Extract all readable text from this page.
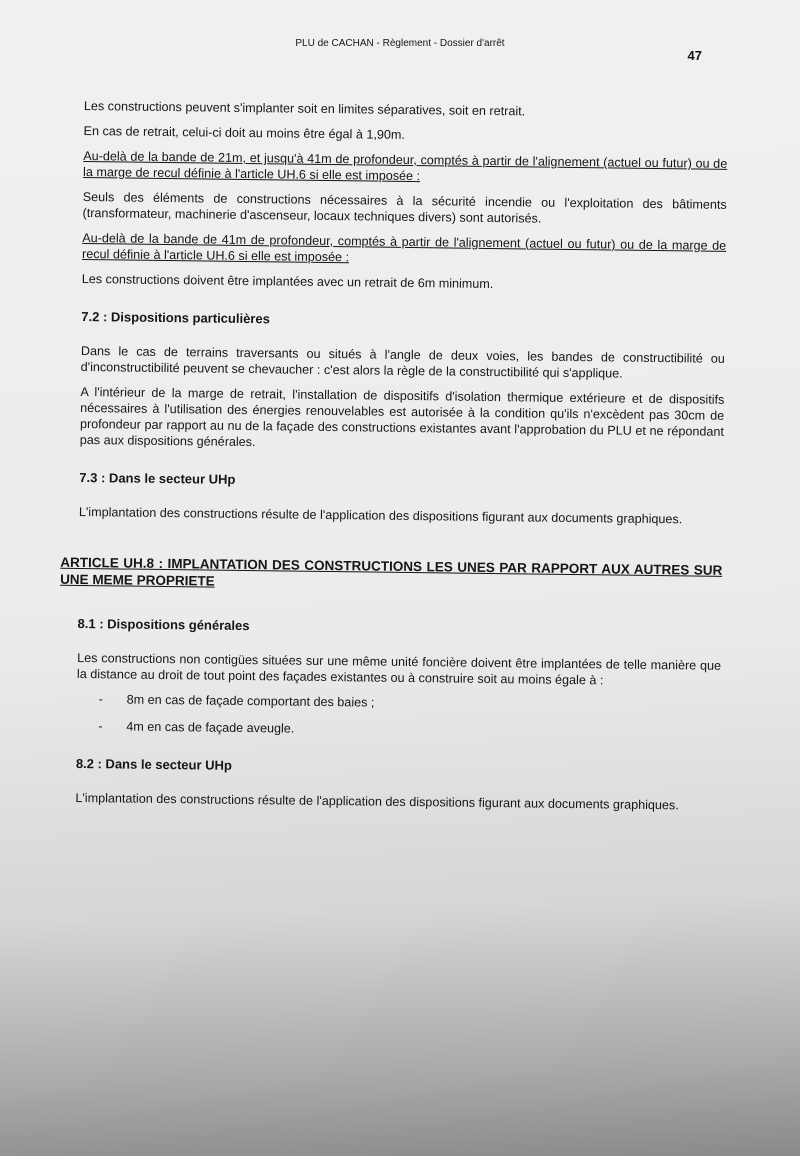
PLU de CACHAN - Règlement - Dossier d'arrêt
47

Les constructions peuvent s'implanter soit en limites séparatives, soit en retrait.

En cas de retrait, celui-ci doit au moins être égal à 1,90m.

Au-delà de la bande de 21m, et jusqu'à 41m de profondeur, comptés à partir de l'alignement (actuel ou futur) ou de la marge de recul définie à l'article UH.6 si elle est imposée :

Seuls des éléments de constructions nécessaires à la sécurité incendie ou l'exploitation des bâtiments (transformateur, machinerie d'ascenseur, locaux techniques divers) sont autorisés.

Au-delà de la bande de 41m de profondeur, comptés à partir de l'alignement (actuel ou futur) ou de la marge de recul définie à l'article UH.6 si elle est imposée :

Les constructions doivent être implantées avec un retrait de 6m minimum.

7.2 : Dispositions particulières

Dans le cas de terrains traversants ou situés à l'angle de deux voies, les bandes de constructibilité ou d'inconstructibilité peuvent se chevaucher : c'est alors la règle de la constructibilité qui s'applique.

A l'intérieur de la marge de retrait, l'installation de dispositifs d'isolation thermique extérieure et de dispositifs nécessaires à l'utilisation des énergies renouvelables est autorisée à la condition qu'ils n'excèdent pas 30cm de profondeur par rapport au nu de la façade des constructions existantes avant l'approbation du PLU et ne répondant pas aux dispositions générales.

7.3 : Dans le secteur UHp

L'implantation des constructions résulte de l'application des dispositions figurant aux documents graphiques.

ARTICLE UH.8 : IMPLANTATION DES CONSTRUCTIONS LES UNES PAR RAPPORT AUX AUTRES SUR UNE MEME PROPRIETE
8.1 : Dispositions générales

Les constructions non contigües situées sur une même unité foncière doivent être implantées de telle manière que la distance au droit de tout point des façades existantes ou à construire soit au moins égale à :

- 8m en cas de façade comportant des baies ;
- 4m en cas de façade aveugle.
8.2 : Dans le secteur UHp

L'implantation des constructions résulte de l'application des dispositions figurant aux documents graphiques.
